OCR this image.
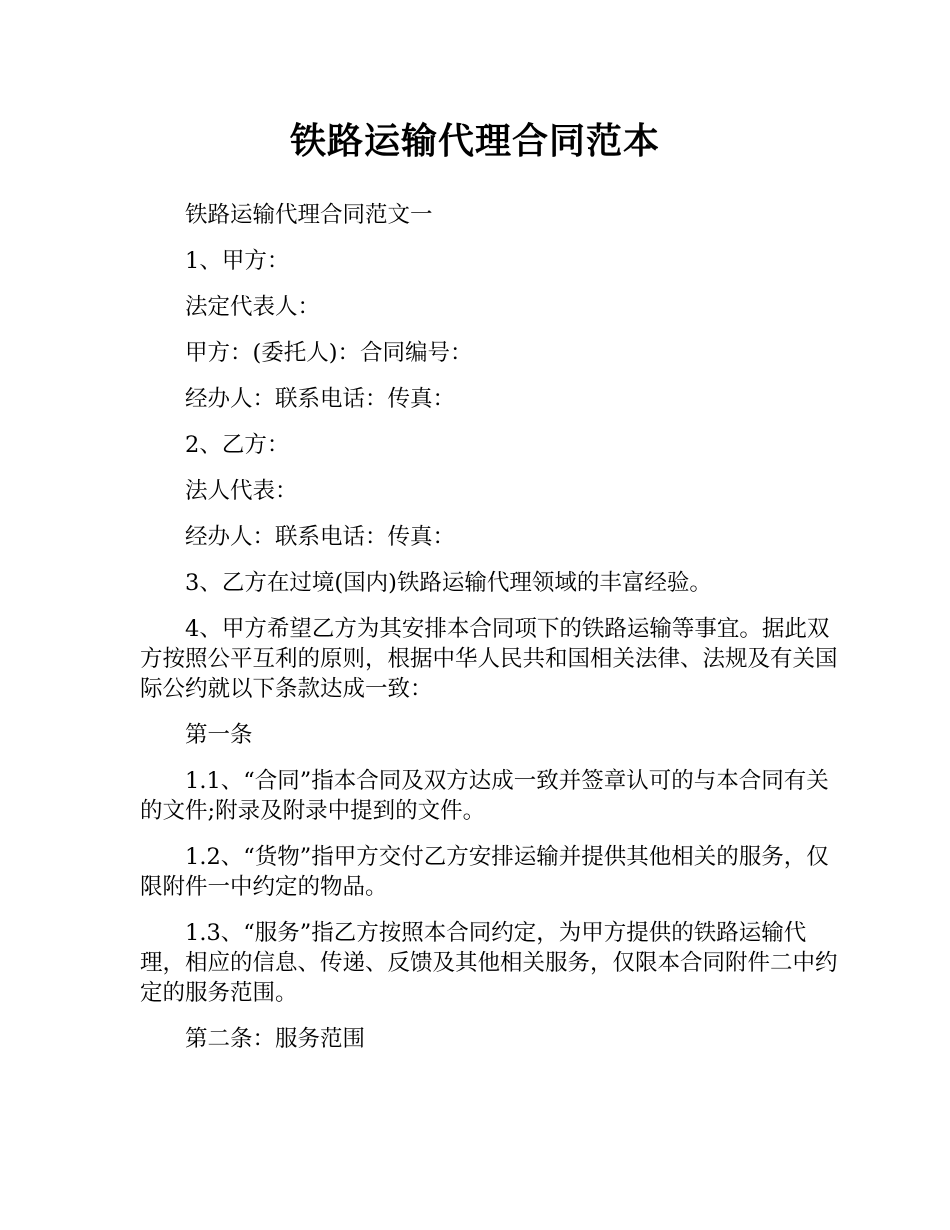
铁路运输代理合同范本

铁路运输代理合同范文一

1、甲方：

法定代表人：

甲方：(委托人)：合同编号：

经办人：联系电话：传真：

2、乙方：

法人代表：

经办人：联系电话：传真：

3、乙方在过境(国内)铁路运输代理领域的丰富经验。

4、甲方希望乙方为其安排本合同项下的铁路运输等事宜。据此双方按照公平互利的原则，根据中华人民共和国相关法律、法规及有关国际公约就以下条款达成一致：

第一条

1.1、“合同”指本合同及双方达成一致并签章认可的与本合同有关的文件;附录及附录中提到的文件。

1.2、“货物”指甲方交付乙方安排运输并提供其他相关的服务，仅限附件一中约定的物品。

1.3、“服务”指乙方按照本合同约定，为甲方提供的铁路运输代理，相应的信息、传递、反馈及其他相关服务，仅限本合同附件二中约定的服务范围。

第二条：服务范围
